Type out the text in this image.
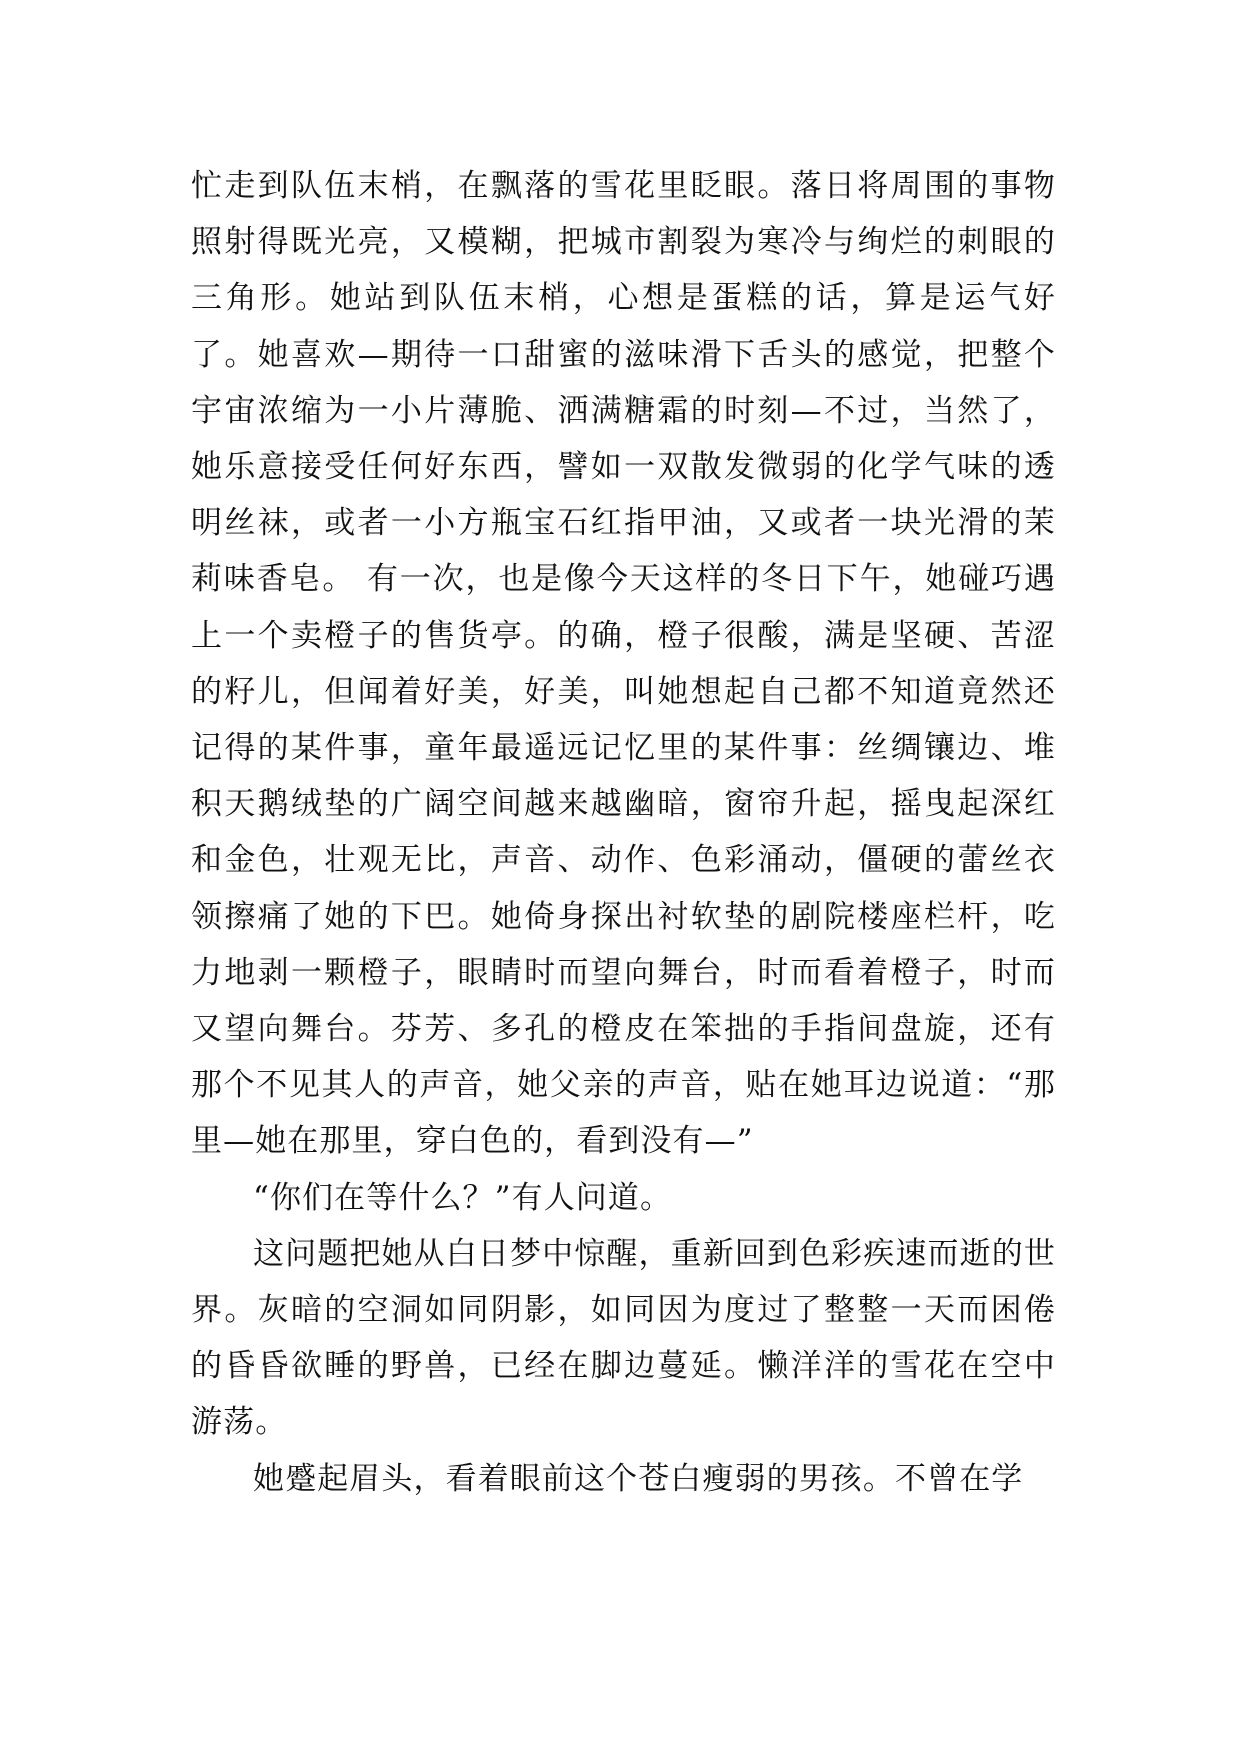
忙走到队伍末梢，在飘落的雪花里眨眼。落日将周围的事物照射得既光亮，又模糊，把城市割裂为寒冷与绚烂的刺眼的三角形。她站到队伍末梢，心想是蛋糕的话，算是运气好了。她喜欢—期待一口甜蜜的滋味滑下舌头的感觉，把整个宇宙浓缩为一小片薄脆、洒满糖霜的时刻—不过，当然了，她乐意接受任何好东西，譬如一双散发微弱的化学气味的透明丝袜，或者一小方瓶宝石红指甲油，又或者一块光滑的茉莉味香皂。 有一次，也是像今天这样的冬日下午，她碰巧遇上一个卖橙子的售货亭。的确，橙子很酸，满是坚硬、苦涩的籽儿，但闻着好美，好美，叫她想起自己都不知道竟然还记得的某件事，童年最遥远记忆里的某件事：丝绸镶边、堆积天鹅绒垫的广阔空间越来越幽暗，窗帘升起，摇曳起深红和金色，壮观无比，声音、动作、色彩涌动，僵硬的蕾丝衣领擦痛了她的下巴。她倚身探出衬软垫的剧院楼座栏杆，吃力地剥一颗橙子，眼睛时而望向舞台，时而看着橙子，时而又望向舞台。芬芳、多孔的橙皮在笨拙的手指间盘旋，还有那个不见其人的声音，她父亲的声音，贴在她耳边说道：“那里—她在那里，穿白色的，看到没有—”

“你们在等什么？”有人问道。

这问题把她从白日梦中惊醒，重新回到色彩疾速而逝的世界。灰暗的空洞如同阴影，如同因为度过了整整一天而困倦的昏昏欲睡的野兽，已经在脚边蔓延。懒洋洋的雪花在空中游荡。

她蹙起眉头，看着眼前这个苍白瘦弱的男孩。不曾在学
